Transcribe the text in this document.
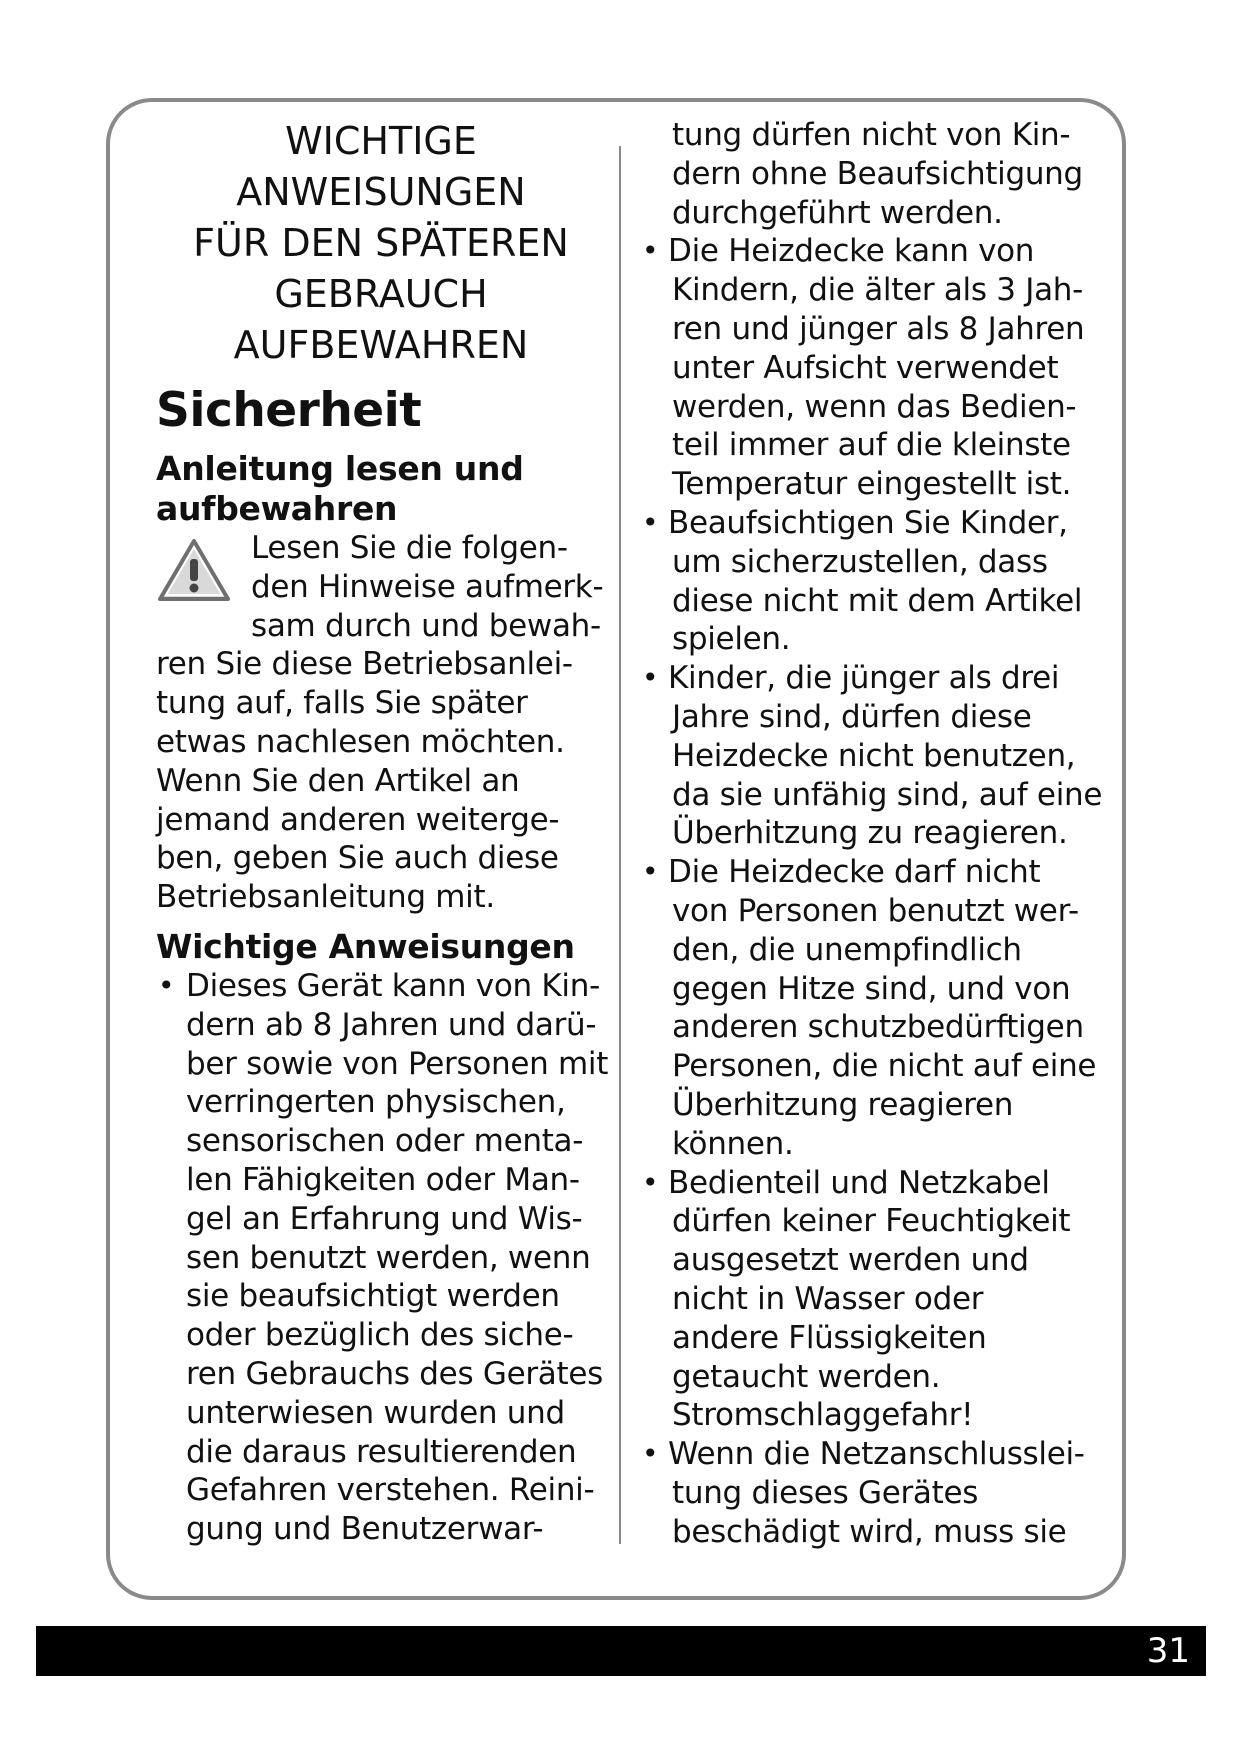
WICHTIGE
ANWEISUNGEN
FÜR DEN SPÄTEREN
GEBRAUCH
AUFBEWAHREN
Sicherheit
Anleitung lesen und
aufbewahren
Lesen Sie die folgen-
den Hinweise aufmerk-
sam durch und bewah-
ren Sie diese Betriebsanlei-
tung auf, falls Sie später
etwas nachlesen möchten.
Wenn Sie den Artikel an
jemand anderen weiterge-
ben, geben Sie auch diese
Betriebsanleitung mit.
Wichtige Anweisungen
• Dieses Gerät kann von Kin-
dern ab 8 Jahren und darü-
ber sowie von Personen mit
verringerten physischen,
sensorischen oder menta-
len Fähigkeiten oder Man-
gel an Erfahrung und Wis-
sen benutzt werden, wenn
sie beaufsichtigt werden
oder bezüglich des siche-
ren Gebrauchs des Gerätes
unterwiesen wurden und
die daraus resultierenden
Gefahren verstehen. Reini-
gung und Benutzerwar-
tung dürfen nicht von Kin-
dern ohne Beaufsichtigung
durchgeführt werden.
• Die Heizdecke kann von
Kindern, die älter als 3 Jah-
ren und jünger als 8 Jahren
unter Aufsicht verwendet
werden, wenn das Bedien-
teil immer auf die kleinste
Temperatur eingestellt ist.
• Beaufsichtigen Sie Kinder,
um sicherzustellen, dass
diese nicht mit dem Artikel
spielen.
• Kinder, die jünger als drei
Jahre sind, dürfen diese
Heizdecke nicht benutzen,
da sie unfähig sind, auf eine
Überhitzung zu reagieren.
• Die Heizdecke darf nicht
von Personen benutzt wer-
den, die unempfindlich
gegen Hitze sind, und von
anderen schutzbedürftigen
Personen, die nicht auf eine
Überhitzung reagieren
können.
• Bedienteil und Netzkabel
dürfen keiner Feuchtigkeit
ausgesetzt werden und
nicht in Wasser oder
andere Flüssigkeiten
getaucht werden.
Stromschlaggefahr!
• Wenn die Netzanschlusslei-
tung dieses Gerätes
beschädigt wird, muss sie
31
